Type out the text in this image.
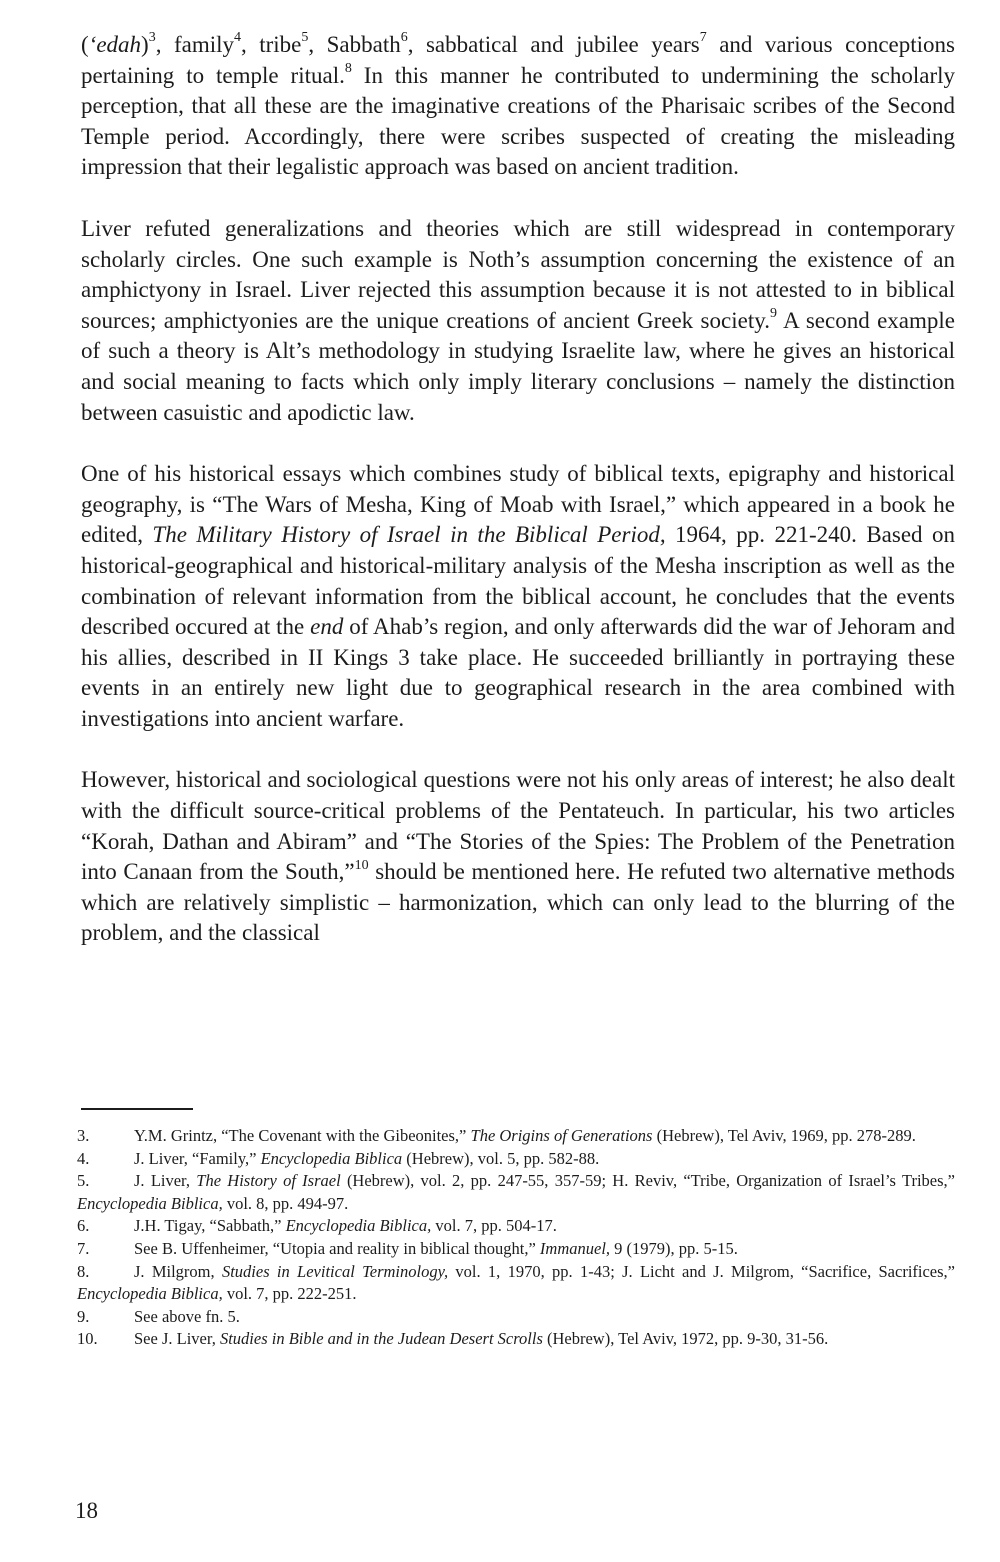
(‘edah)$^3$, family$^4$, tribe$^5$, Sabbath$^6$, sabbatical and jubilee years$^7$ and various conceptions pertaining to temple ritual.$^8$ In this manner he contributed to undermining the scholarly perception, that all these are the imaginative creations of the Pharisaic scribes of the Second Temple period. Accordingly, there were scribes suspected of creating the misleading impression that their legalistic approach was based on ancient tradition.

Liver refuted generalizations and theories which are still widespread in contemporary scholarly circles. One such example is Noth’s assumption concerning the existence of an amphictyony in Israel. Liver rejected this assumption because it is not attested to in biblical sources; amphictyonies are the unique creations of ancient Greek society.$^9$ A second example of such a theory is Alt’s methodology in studying Israelite law, where he gives an historical and social meaning to facts which only imply literary conclusions – namely the distinction between casuistic and apodictic law.

One of his historical essays which combines study of biblical texts, epigraphy and historical geography, is “The Wars of Mesha, King of Moab with Israel,” which appeared in a book he edited, The Military History of Israel in the Biblical Period, 1964, pp. 221-240. Based on historical-geographical and historical-military analysis of the Mesha inscription as well as the combination of relevant information from the biblical account, he concludes that the events described occured at the end of Ahab’s region, and only afterwards did the war of Jehoram and his allies, described in II Kings 3 take place. He succeeded brilliantly in portraying these events in an entirely new light due to geographical research in the area combined with investigations into ancient warfare.

However, historical and sociological questions were not his only areas of interest; he also dealt with the difficult source-critical problems of the Pentateuch. In particular, his two articles “Korah, Dathan and Abiram” and “The Stories of the Spies: The Problem of the Penetration into Canaan from the South,”$^{10}$ should be mentioned here. He refuted two alternative methods which are relatively simplistic – harmonization, which can only lead to the blurring of the problem, and the classical

3.	Y.M. Grintz, “The Covenant with the Gibeonites,” The Origins of Generations (Hebrew), Tel Aviv, 1969, pp. 278-289.
4.	J. Liver, “Family,” Encyclopedia Biblica (Hebrew), vol. 5, pp. 582-88.
5.	J. Liver, The History of Israel (Hebrew), vol. 2, pp. 247-55, 357-59; H. Reviv, “Tribe, Organization of Israel’s Tribes,” Encyclopedia Biblica, vol. 8, pp. 494-97.
6.	J.H. Tigay, “Sabbath,” Encyclopedia Biblica, vol. 7, pp. 504-17.
7.	See B. Uffenheimer, “Utopia and reality in biblical thought,” Immanuel, 9 (1979), pp. 5-15.
8.	J. Milgrom, Studies in Levitical Terminology, vol. 1, 1970, pp. 1-43; J. Licht and J. Milgrom, “Sacrifice, Sacrifices,” Encyclopedia Biblica, vol. 7, pp. 222-251.
9.	See above fn. 5.
10. See J. Liver, Studies in Bible and in the Judean Desert Scrolls (Hebrew), Tel Aviv, 1972, pp. 9-30, 31-56.
18
